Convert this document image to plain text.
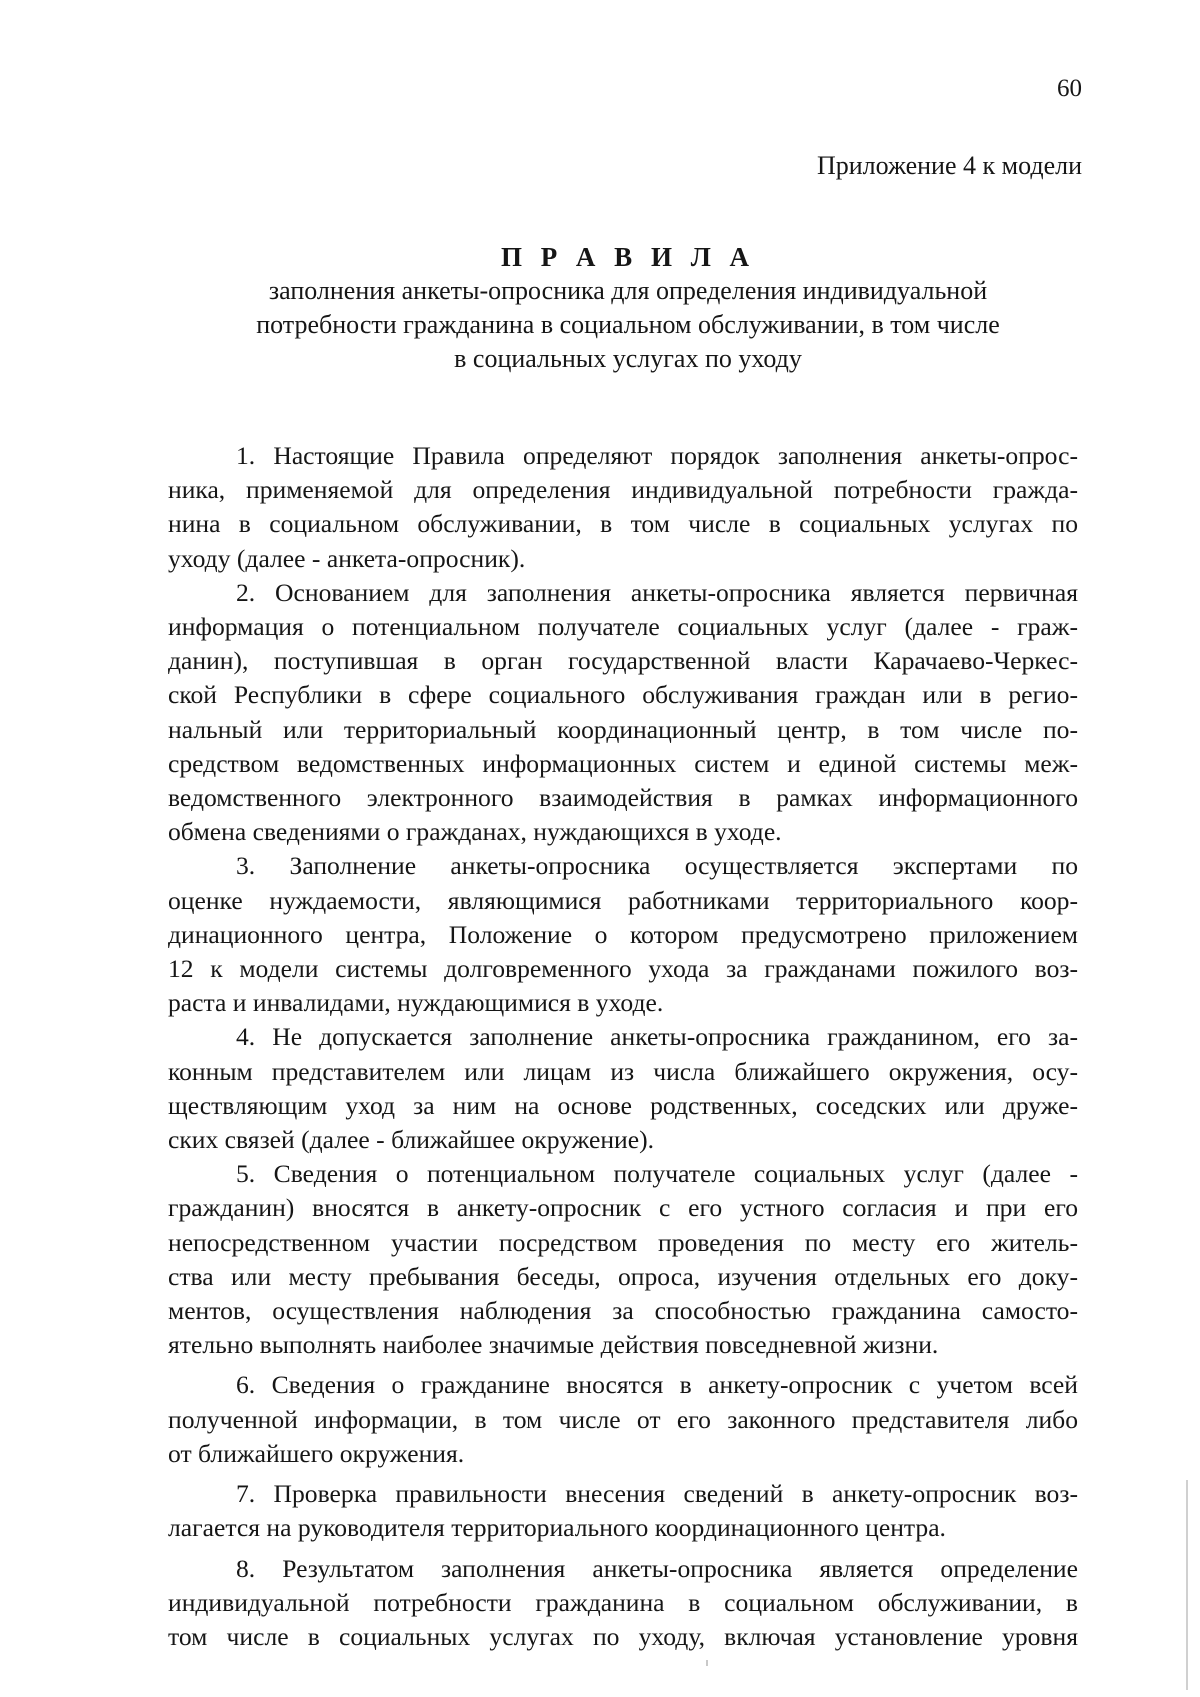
60
Приложение 4 к модели

П Р А В И Л А

заполнения анкеты-опросника для определения индивидуальной

потребности гражданина в социальном обслуживании, в том числе

в социальных услугах по уходу

1. Настоящие Правила определяют порядок заполнения анкеты-опрос-
ника, применяемой для определения индивидуальной потребности гражда-
нина в социальном обслуживании, в том числе в социальных услугах по
уходу (далее - анкета-опросник).
2. Основанием для заполнения анкеты-опросника является первичная
информация о потенциальном получателе социальных услуг (далее - граж-
данин), поступившая в орган государственной власти Карачаево-Черкес-
ской Республики в сфере социального обслуживания граждан или в регио-
нальный или территориальный координационный центр, в том числе по-
средством ведомственных информационных систем и единой системы меж-
ведомственного электронного взаимодействия в рамках информационного
обмена сведениями о гражданах, нуждающихся в уходе.
3. Заполнение анкеты-опросника осуществляется экспертами по
оценке нуждаемости, являющимися работниками территориального коор-
динационного центра, Положение о котором предусмотрено приложением
12 к модели системы долговременного ухода за гражданами пожилого воз-
раста и инвалидами, нуждающимися в уходе.
4. Не допускается заполнение анкеты-опросника гражданином, его за-
конным представителем или лицам из числа ближайшего окружения, осу-
ществляющим уход за ним на основе родственных, соседских или друже-
ских связей (далее - ближайшее окружение).
5. Сведения о потенциальном получателе социальных услуг (далее -
гражданин) вносятся в анкету-опросник с его устного согласия и при его
непосредственном участии посредством проведения по месту его житель-
ства или месту пребывания беседы, опроса, изучения отдельных его доку-
ментов, осуществления наблюдения за способностью гражданина самосто-
ятельно выполнять наиболее значимые действия повседневной жизни.
6. Сведения о гражданине вносятся в анкету-опросник с учетом всей
полученной информации, в том числе от его законного представителя либо
от ближайшего окружения.
7. Проверка правильности внесения сведений в анкету-опросник воз-
лагается на руководителя территориального координационного центра.
8. Результатом заполнения анкеты-опросника является определение
индивидуальной потребности гражданина в социальном обслуживании, в
том числе в социальных услугах по уходу, включая установление уровня
